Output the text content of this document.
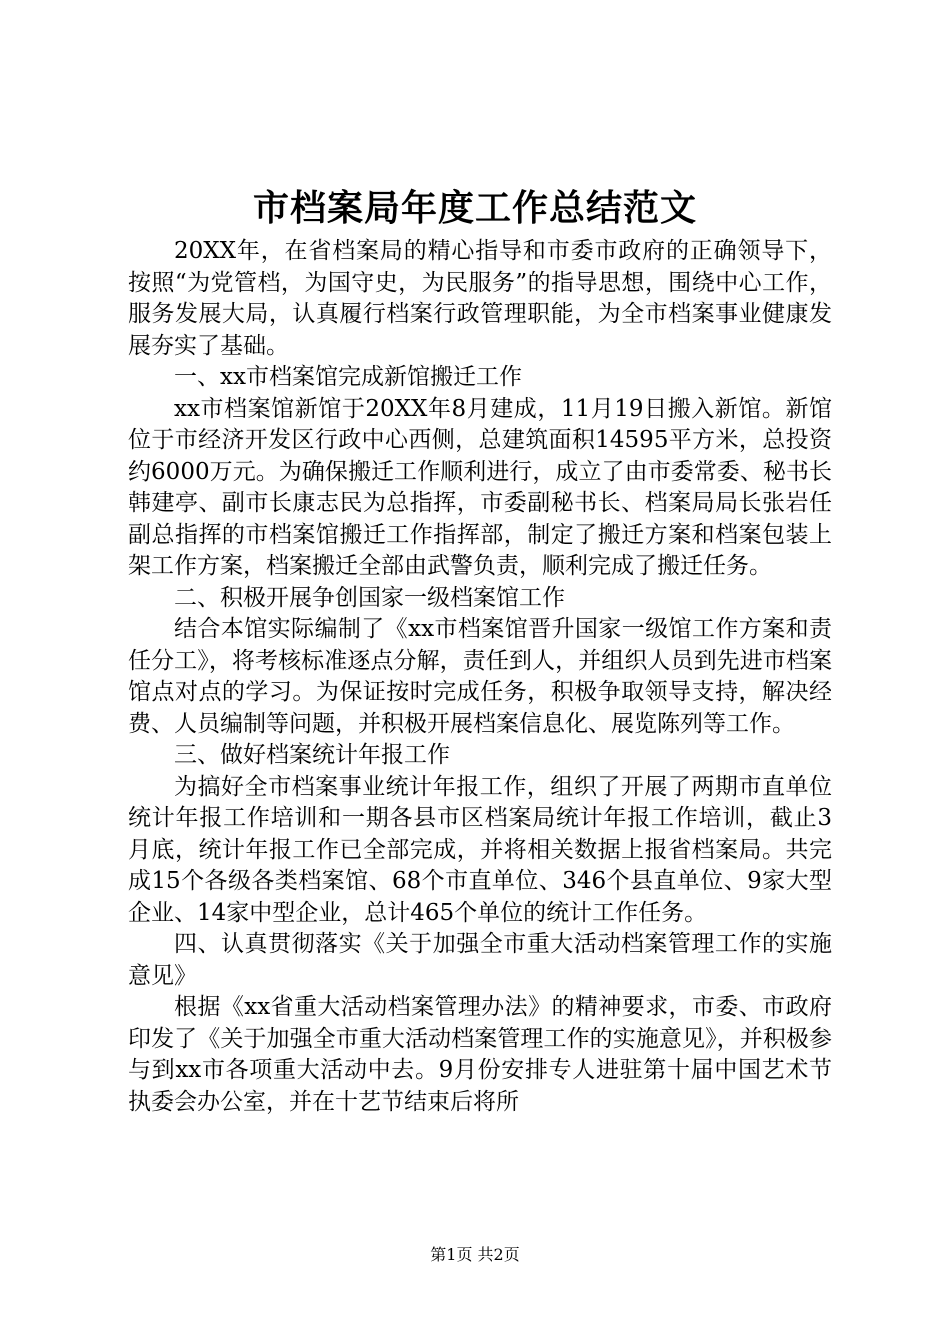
市档案局年度工作总结范文

20XX年，在省档案局的精心指导和市委市政府的正确领导下，按照“为党管档，为国守史，为民服务”的指导思想，围绕中心工作，服务发展大局，认真履行档案行政管理职能，为全市档案事业健康发展夯实了基础。

一、xx市档案馆完成新馆搬迁工作

xx市档案馆新馆于20XX年8月建成，11月19日搬入新馆。新馆位于市经济开发区行政中心西侧，总建筑面积14595平方米，总投资约6000万元。为确保搬迁工作顺利进行，成立了由市委常委、秘书长韩建亭、副市长康志民为总指挥，市委副秘书长、档案局局长张岩任副总指挥的市档案馆搬迁工作指挥部，制定了搬迁方案和档案包装上架工作方案，档案搬迁全部由武警负责，顺利完成了搬迁任务。

二、积极开展争创国家一级档案馆工作

结合本馆实际编制了《xx市档案馆晋升国家一级馆工作方案和责任分工》，将考核标准逐点分解，责任到人，并组织人员到先进市档案馆点对点的学习。为保证按时完成任务，积极争取领导支持，解决经费、人员编制等问题，并积极开展档案信息化、展览陈列等工作。

三、做好档案统计年报工作

为搞好全市档案事业统计年报工作，组织了开展了两期市直单位统计年报工作培训和一期各县市区档案局统计年报工作培训，截止3月底，统计年报工作已全部完成，并将相关数据上报省档案局。共完成15个各级各类档案馆、68个市直单位、346个县直单位、9家大型企业、14家中型企业，总计465个单位的统计工作任务。

四、认真贯彻落实《关于加强全市重大活动档案管理工作的实施意见》

根据《xx省重大活动档案管理办法》的精神要求，市委、市政府印发了《关于加强全市重大活动档案管理工作的实施意见》，并积极参与到xx市各项重大活动中去。9月份安排专人进驻第十届中国艺术节执委会办公室，并在十艺节结束后将所

第1页 共2页
